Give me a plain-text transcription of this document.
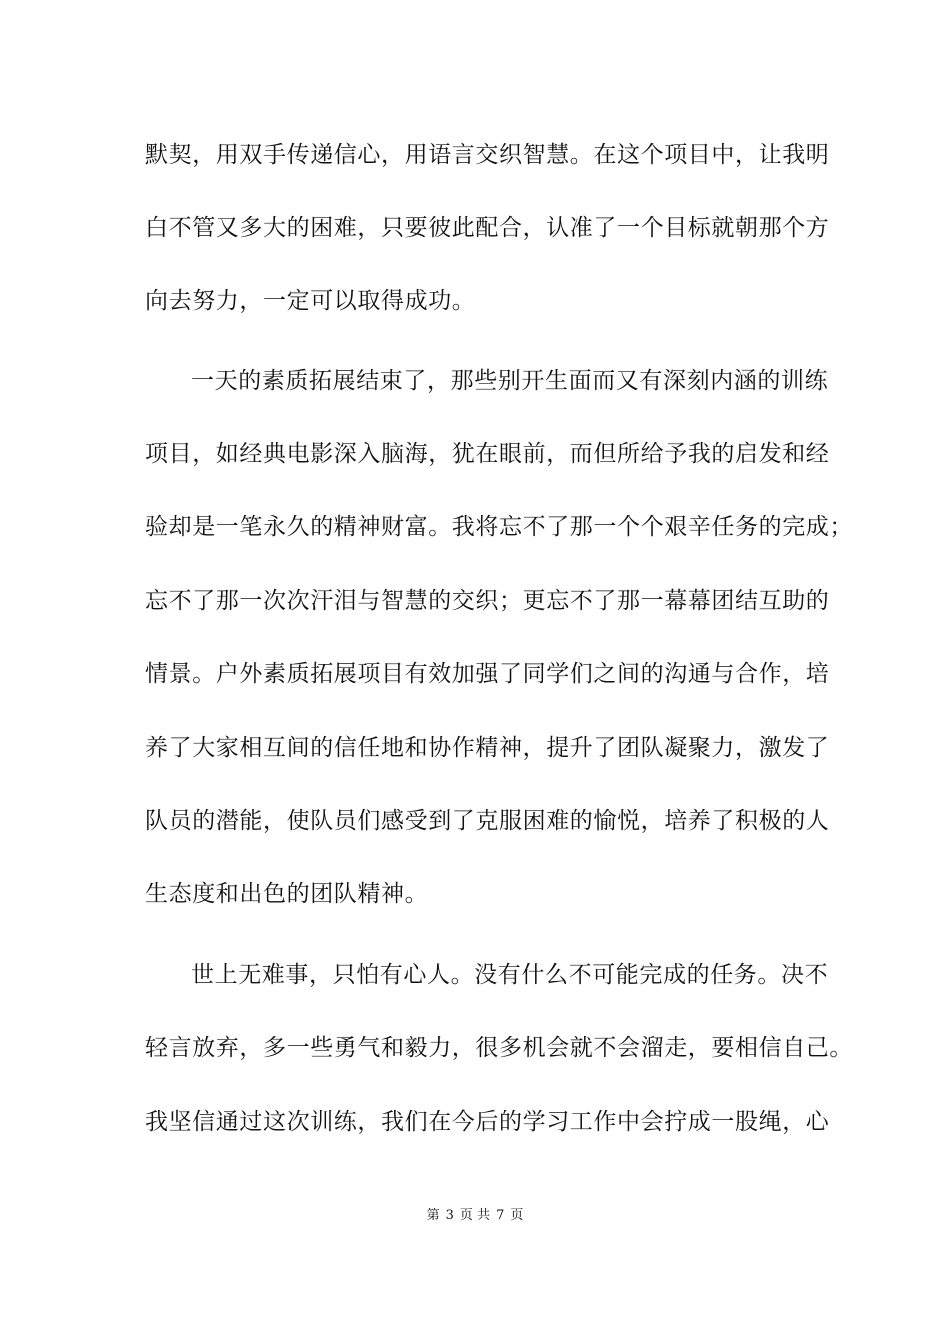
默契，用双手传递信心，用语言交织智慧。在这个项目中，让我明
白不管又多大的困难，只要彼此配合，认准了一个目标就朝那个方
向去努力，一定可以取得成功。
一天的素质拓展结束了，那些别开生面而又有深刻内涵的训练
项目，如经典电影深入脑海，犹在眼前，而但所给予我的启发和经
验却是一笔永久的精神财富。我将忘不了那一个个艰辛任务的完成；
忘不了那一次次汗泪与智慧的交织；更忘不了那一幕幕团结互助的
情景。户外素质拓展项目有效加强了同学们之间的沟通与合作，培
养了大家相互间的信任地和协作精神，提升了团队凝聚力，激发了
队员的潜能，使队员们感受到了克服困难的愉悦，培养了积极的人
生态度和出色的团队精神。
世上无难事，只怕有心人。没有什么不可能完成的任务。决不
轻言放弃，多一些勇气和毅力，很多机会就不会溜走，要相信自己。
我坚信通过这次训练，我们在今后的学习工作中会拧成一股绳，心
第 3 页 共 7 页
